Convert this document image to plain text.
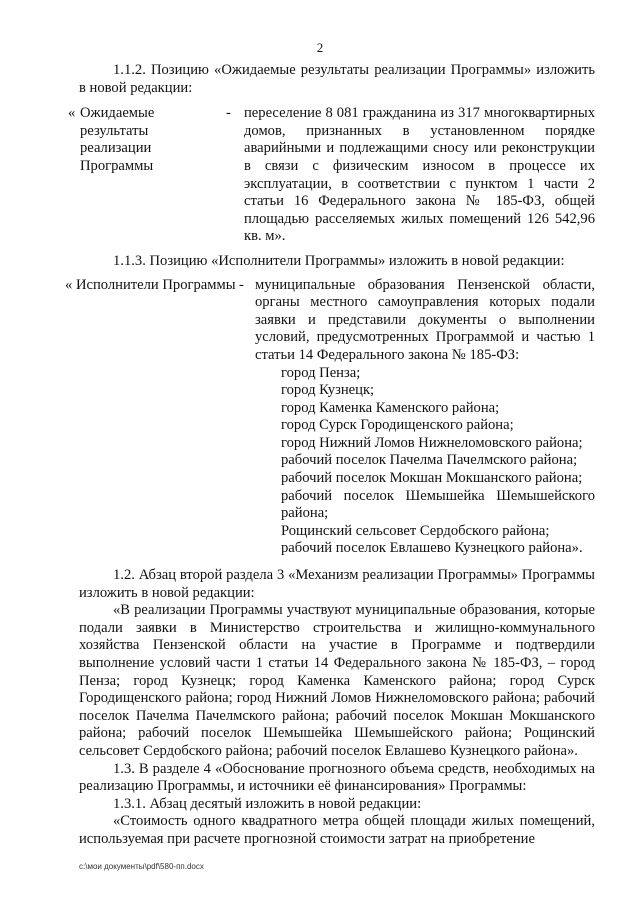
2

1.1.2. Позицию «Ожидаемые результаты реализации Программы» изложить в новой редакции:

« Ожидаемые результаты реализации Программы
- переселение 8 081 гражданина из 317 многоквартирных домов, признанных в установленном порядке аварийными и подлежащими сносу или реконструкции в связи с физическим износом в процессе их эксплуатации, в соответствии с пунктом 1 части 2 статьи 16 Федерального закона № 185-ФЗ, общей площадью расселяемых жилых помещений 126 542,96 кв. м».

1.1.3. Позицию «Исполнители Программы» изложить в новой редакции:

« Исполнители Программы - муниципальные образования Пензенской области, органы местного самоуправления которых подали заявки и представили документы о выполнении условий, предусмотренных Программой и частью 1 статьи 14 Федерального закона № 185-ФЗ:

город Пенза;
город Кузнецк;
город Каменка Каменского района;
город Сурск Городищенского района;
город Нижний Ломов Нижнеломовского района;
рабочий поселок Пачелма Пачелмского района;
рабочий поселок Мокшан Мокшанского района;
рабочий поселок Шемышейка Шемышейского района;
Рощинский сельсовет Сердобского района;
рабочий поселок Евлашево Кузнецкого района».

1.2. Абзац второй раздела 3 «Механизм реализации Программы» Программы изложить в новой редакции:

«В реализации Программы участвуют муниципальные образования, которые подали заявки в Министерство строительства и жилищно-коммунального хозяйства Пензенской области на участие в Программе и подтвердили выполнение условий части 1 статьи 14 Федерального закона № 185-ФЗ, – город Пенза; город Кузнецк; город Каменка Каменского района; город Сурск Городищенского района; город Нижний Ломов Нижнеломовского района; рабочий поселок Пачелма Пачелмского района; рабочий поселок Мокшан Мокшанского района; рабочий поселок Шемышейка Шемышейского района; Рощинский сельсовет Сердобского района; рабочий поселок Евлашево Кузнецкого района».

1.3. В разделе 4 «Обоснование прогнозного объема средств, необходимых на реализацию Программы, и источники её финансирования» Программы:

1.3.1. Абзац десятый изложить в новой редакции:

«Стоимость одного квадратного метра общей площади жилых помещений, используемая при расчете прогнозной стоимости затрат на приобретение

c:\мои документы\pdf\580-пп.docx
